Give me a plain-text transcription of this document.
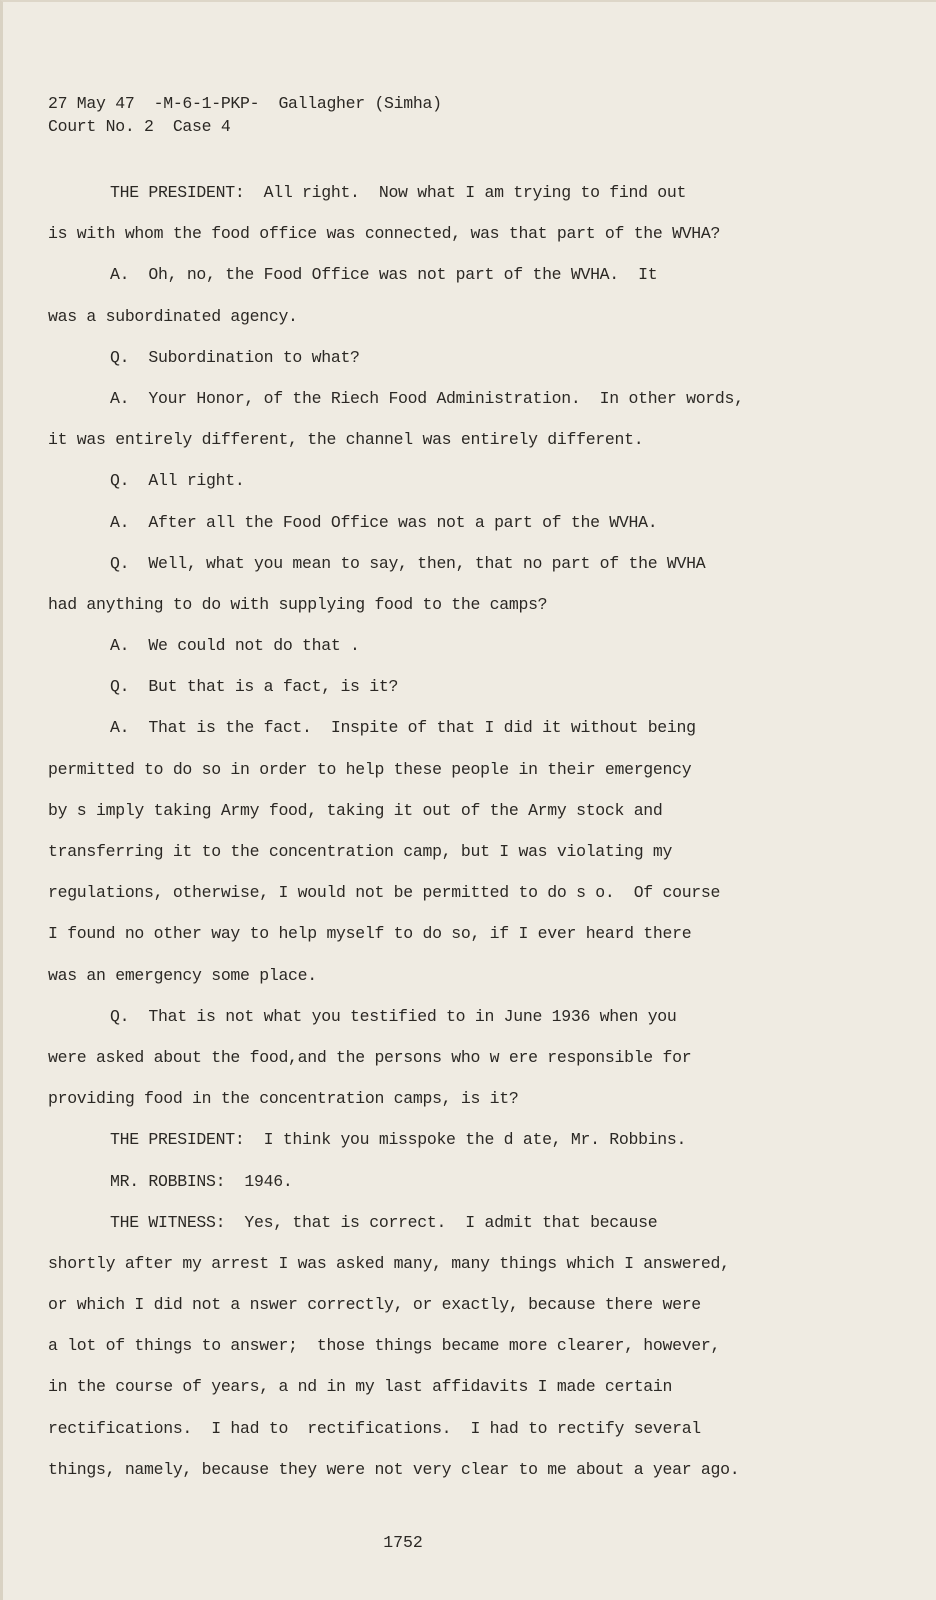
27 May 47  -M-6-1-PKP-  Gallagher (Simha)
Court No. 2  Case 4
THE PRESIDENT:  All right.  Now what I am trying to find out
is with whom the food office was connected, was that part of the WVHA?
A.  Oh, no, the Food Office was not part of the WVHA.  It
was a subordinated agency.
Q.  Subordination to what?
A.  Your Honor, of the Riech Food Administration.  In other words,
it was entirely different, the channel was entirely different.
Q.  All right.
A.  After all the Food Office was not a part of the WVHA.
Q.  Well, what you mean to say, then, that no part of the WVHA
had anything to do with supplying food to the camps?
A.  We could not do that .
Q.  But that is a fact, is it?
A.  That is the fact.  Inspite of that I did it without being
permitted to do so in order to help these people in their emergency
by s imply taking Army food, taking it out of the Army stock and
transferring it to the concentration camp, but I was violating my
regulations, otherwise, I would not be permitted to do s o.  Of course
I found no other way to help myself to do so, if I ever heard there
was an emergency some place.
Q.  That is not what you testified to in June 1936 when you
were asked about the food,and the persons who w ere responsible for
providing food in the concentration camps, is it?
THE PRESIDENT:  I think you misspoke the d ate, Mr. Robbins.
MR. ROBBINS:  1946.
THE WITNESS:  Yes, that is correct.  I admit that because
shortly after my arrest I was asked many, many things which I answered,
or which I did not a nswer correctly, or exactly, because there were
a lot of things to answer;  those things became more clearer, however,
in the course of years, a nd in my last affidavits I made certain
rectifications.  I had to  rectifications.  I had to rectify several
things, namely, because they were not very clear to me about a year ago.
1752
